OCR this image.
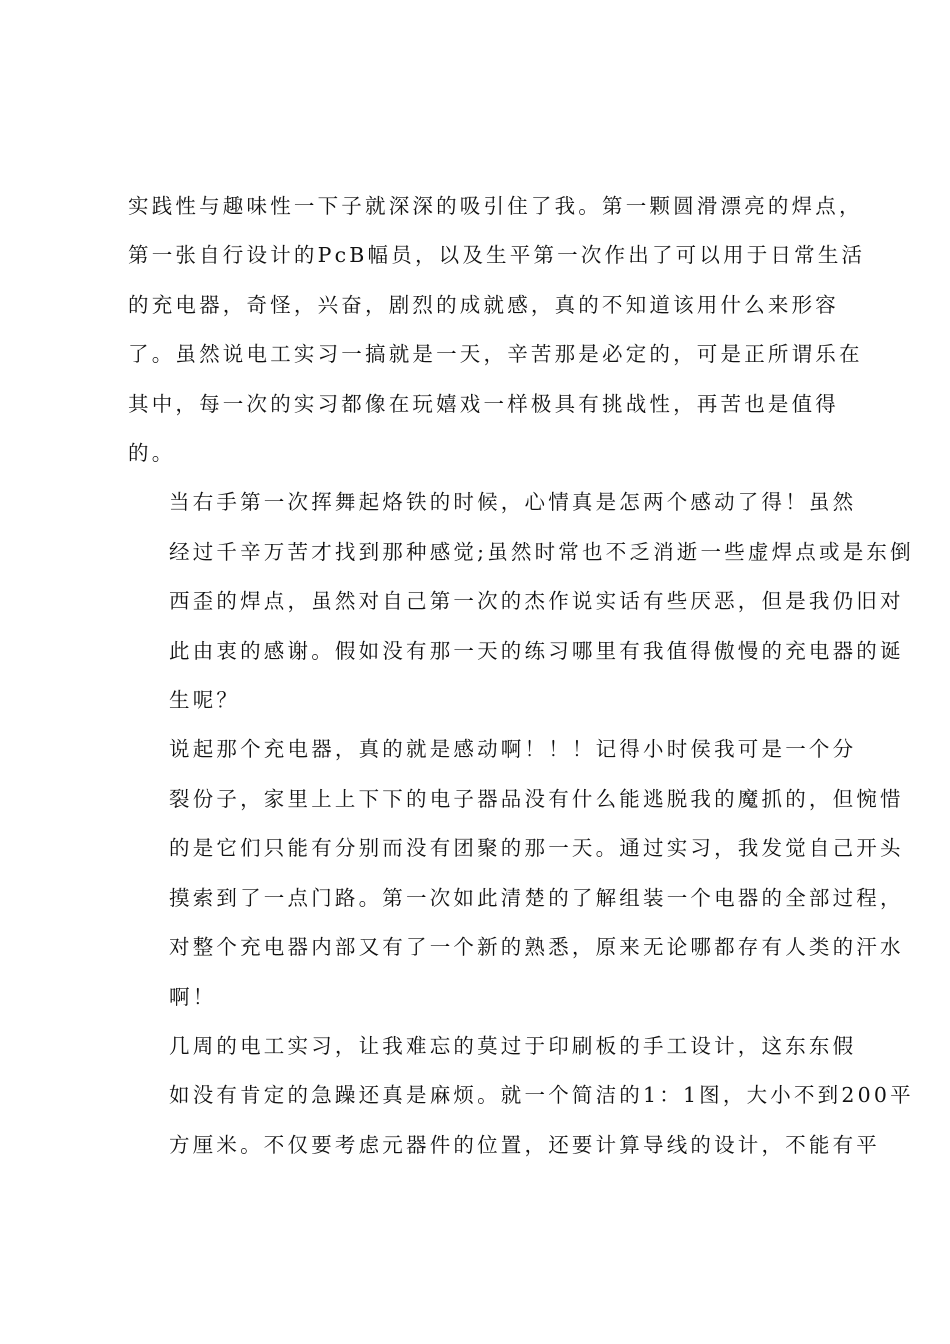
实践性与趣味性一下子就深深的吸引住了我。第一颗圆滑漂亮的焊点，
第一张自行设计的PcB幅员，以及生平第一次作出了可以用于日常生活
的充电器，奇怪，兴奋，剧烈的成就感，真的不知道该用什么来形容
了。虽然说电工实习一搞就是一天，辛苦那是必定的，可是正所谓乐在
其中，每一次的实习都像在玩嬉戏一样极具有挑战性，再苦也是值得
的。
当右手第一次挥舞起烙铁的时候，心情真是怎两个感动了得！虽然
经过千辛万苦才找到那种感觉;虽然时常也不乏消逝一些虚焊点或是东倒
西歪的焊点，虽然对自己第一次的杰作说实话有些厌恶，但是我仍旧对
此由衷的感谢。假如没有那一天的练习哪里有我值得傲慢的充电器的诞
生呢？
说起那个充电器，真的就是感动啊！！！记得小时侯我可是一个分
裂份子，家里上上下下的电子器品没有什么能逃脱我的魔抓的，但惋惜
的是它们只能有分别而没有团聚的那一天。通过实习，我发觉自己开头
摸索到了一点门路。第一次如此清楚的了解组装一个电器的全部过程，
对整个充电器内部又有了一个新的熟悉，原来无论哪都存有人类的汗水
啊！
几周的电工实习，让我难忘的莫过于印刷板的手工设计，这东东假
如没有肯定的急躁还真是麻烦。就一个简洁的1：1图，大小不到200平
方厘米。不仅要考虑元器件的位置，还要计算导线的设计，不能有平
